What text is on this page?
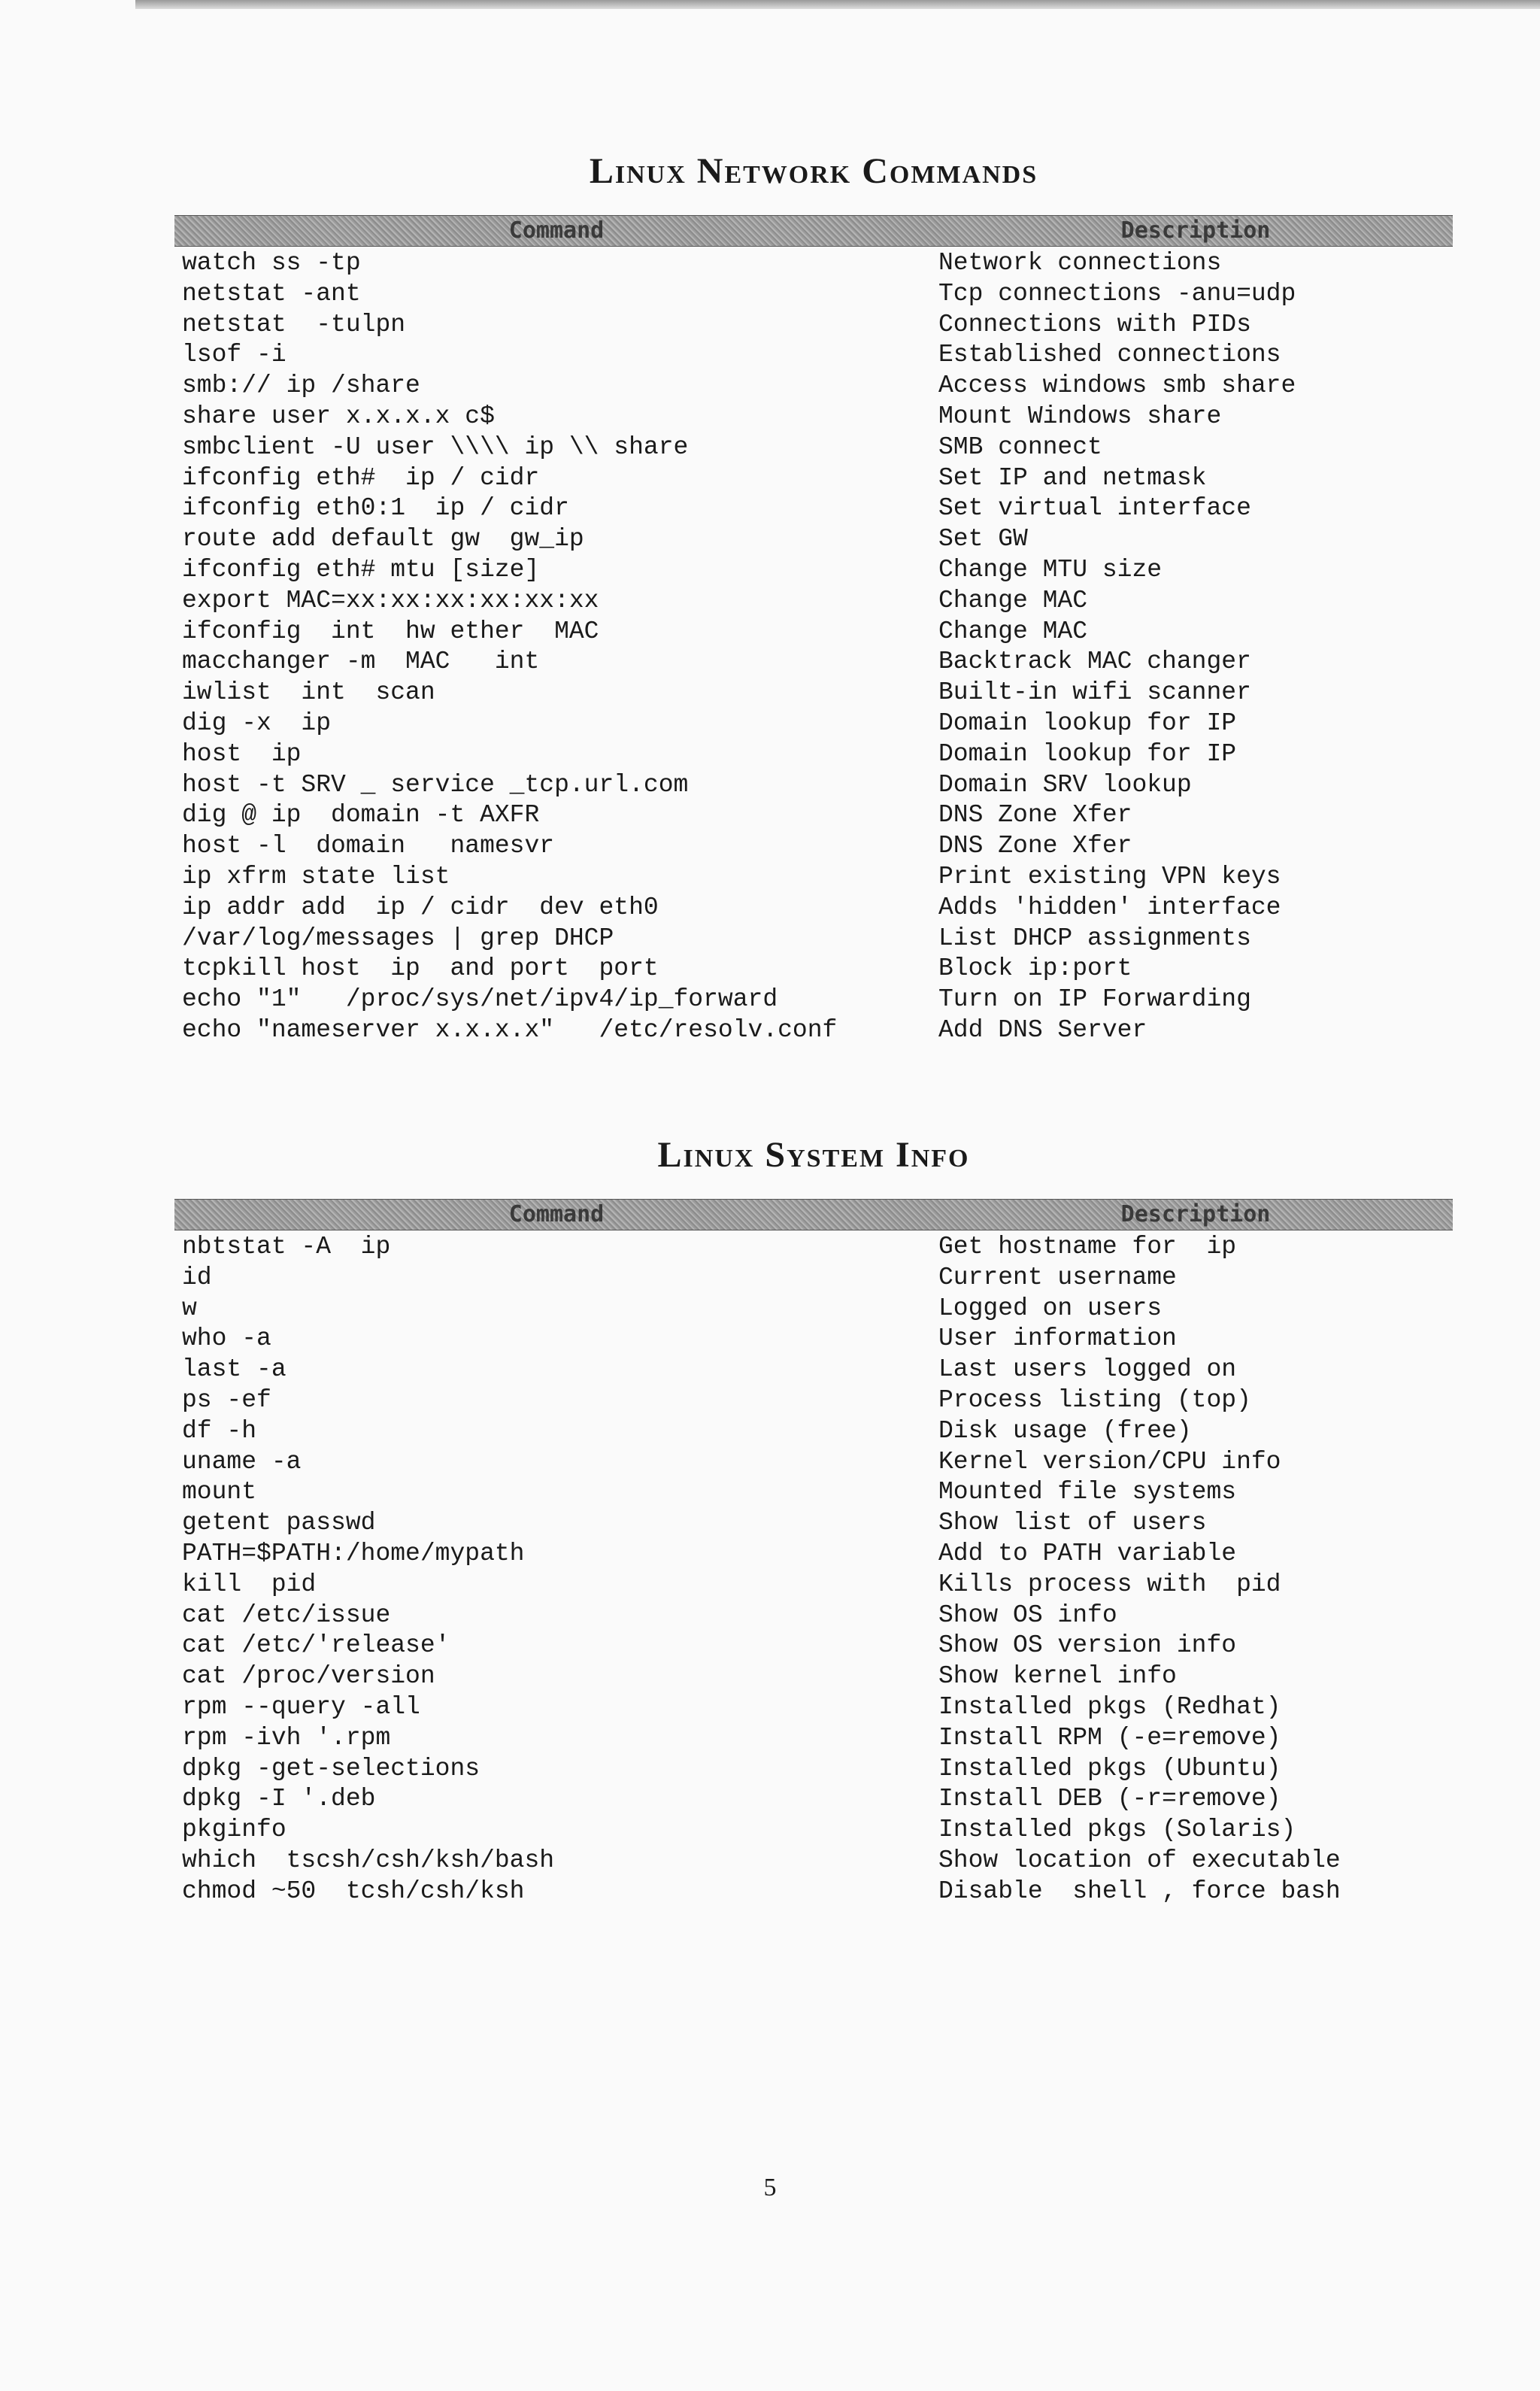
Linux Network Commands
Command	Description
watch ss -tp	Network connections
netstat -ant	Tcp connections -anu=udp
netstat  -tulpn	Connections with PIDs
lsof -i	Established connections
smb:// ip /share	Access windows smb share
share user x.x.x.x c$	Mount Windows share
smbclient -U user \\\\ ip \\ share	SMB connect
ifconfig eth#  ip / cidr	Set IP and netmask
ifconfig eth0:1  ip / cidr	Set virtual interface
route add default gw  gw_ip	Set GW
ifconfig eth# mtu [size]	Change MTU size
export MAC=xx:xx:xx:xx:xx:xx	Change MAC
ifconfig  int  hw ether  MAC	Change MAC
macchanger -m  MAC   int	Backtrack MAC changer
iwlist  int  scan	Built-in wifi scanner
dig -x  ip	Domain lookup for IP
host  ip	Domain lookup for IP
host -t SRV _ service _tcp.url.com	Domain SRV lookup
dig @ ip  domain -t AXFR	DNS Zone Xfer
host -l  domain   namesvr	DNS Zone Xfer
ip xfrm state list	Print existing VPN keys
ip addr add  ip / cidr  dev eth0	Adds 'hidden' interface
/var/log/messages | grep DHCP	List DHCP assignments
tcpkill host  ip  and port  port	Block ip:port
echo "1"   /proc/sys/net/ipv4/ip_forward	Turn on IP Forwarding
echo "nameserver x.x.x.x"   /etc/resolv.conf	Add DNS Server
Linux System Info
Command	Description
nbtstat -A  ip	Get hostname for  ip
id	Current username
w	Logged on users
who -a	User information
last -a	Last users logged on
ps -ef	Process listing (top)
df -h	Disk usage (free)
uname -a	Kernel version/CPU info
mount	Mounted file systems
getent passwd	Show list of users
PATH=$PATH:/home/mypath	Add to PATH variable
kill  pid	Kills process with  pid
cat /etc/issue	Show OS info
cat /etc/'release'	Show OS version info
cat /proc/version	Show kernel info
rpm --query -all	Installed pkgs (Redhat)
rpm -ivh '.rpm	Install RPM (-e=remove)
dpkg -get-selections	Installed pkgs (Ubuntu)
dpkg -I '.deb	Install DEB (-r=remove)
pkginfo	Installed pkgs (Solaris)
which  tscsh/csh/ksh/bash	Show location of executable
chmod ~50  tcsh/csh/ksh	Disable  shell , force bash
5
